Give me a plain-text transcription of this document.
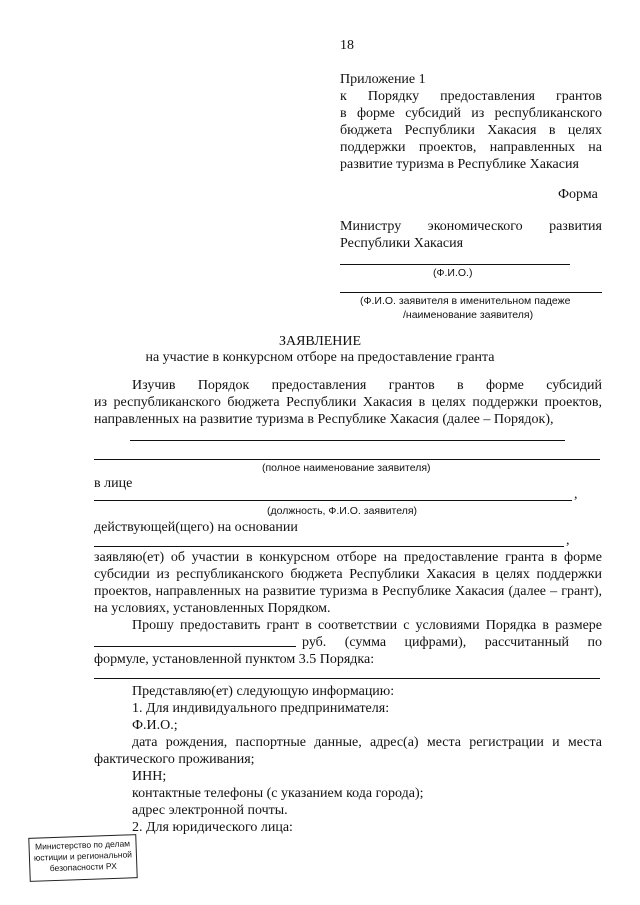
18
Приложение 1
к Порядку предоставления грантов
в форме субсидий из республиканского
бюджета Республики Хакасия в целях
поддержки проектов, направленных на
развитие туризма в Республике Хакасия
Форма
Министру экономического развития
Республики Хакасия
(Ф.И.О.)
(Ф.И.О. заявителя в именительном падеже
/наименование заявителя)
ЗАЯВЛЕНИЕ
на участие в конкурсном отборе на предоставление гранта
Изучив Порядок предоставления грантов в форме субсидий
из республиканского бюджета Республики Хакасия в целях поддержки проектов,
направленных на развитие туризма в Республике Хакасия (далее – Порядок),
(полное наименование заявителя)
в лице
,
(должность, Ф.И.О. заявителя)
действующей(щего) на основании
,
заявляю(ет) об участии в конкурсном отборе на предоставление гранта в форме
субсидии из республиканского бюджета Республики Хакасия в целях поддержки
проектов, направленных на развитие туризма в Республике Хакасия (далее – грант),
на условиях, установленных Порядком.
Прошу предоставить грант в соответствии с условиями Порядка в размере
руб. (сумма цифрами), рассчитанный по
формуле, установленной пунктом 3.5 Порядка:
Представляю(ет) следующую информацию:
1. Для индивидуального предпринимателя:
Ф.И.О.;
дата рождения, паспортные данные, адрес(а) места регистрации и места
фактического проживания;
ИНН;
контактные телефоны (с указанием кода города);
адрес электронной почты.
2. Для юридического лица:
Министерство по делам
юстиции и региональной
безопасности РХ
